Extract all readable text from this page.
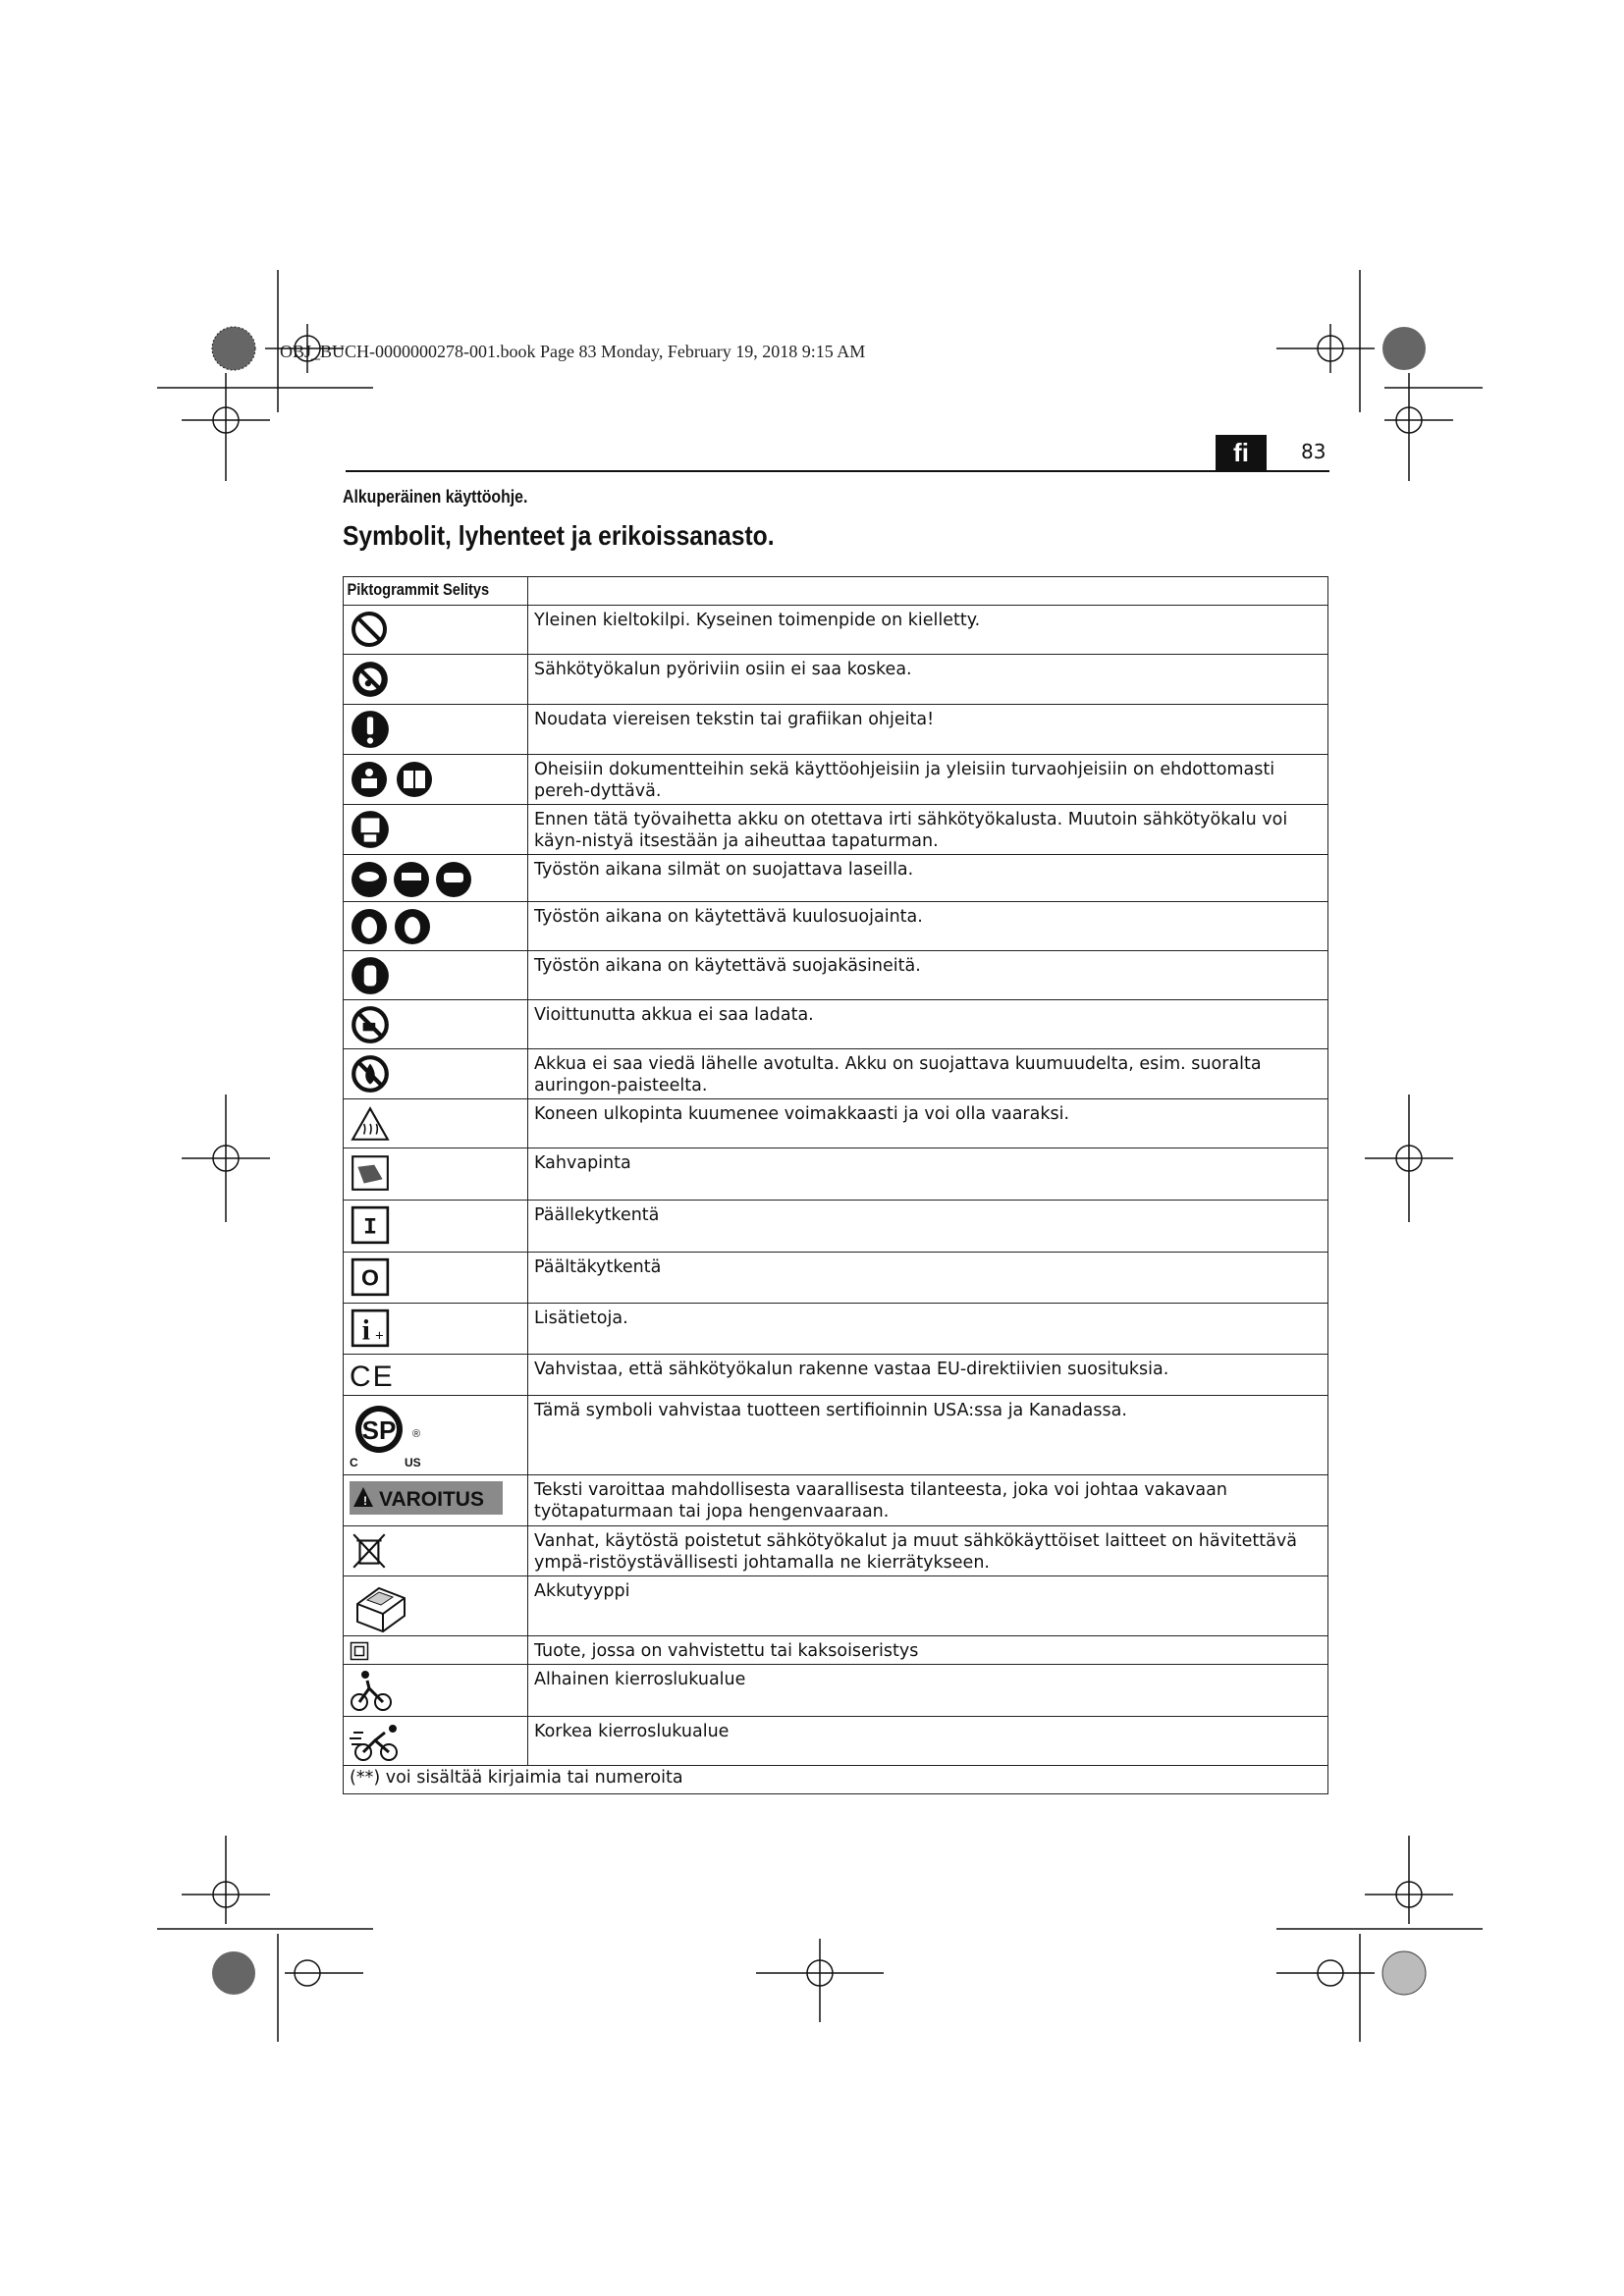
OBJ_BUCH-0000000278-001.book Page 83 Monday, February 19, 2018 9:15 AM
fi	83
Alkuperäinen käyttöohje.
Symbolit, lyhenteet ja erikoissanasto.
Piktogrammit Selitys	

Yleinen kieltokilpi. Kyseinen toimenpide on kielletty.

Sähkötyökalun pyöriviin osiin ei saa koskea.

Noudata viereisen tekstin tai grafiikan ohjeita!

Oheisiin dokumentteihin sekä käyttöohjeisiin ja yleisiin turvaohjeisiin on ehdottomasti pereh-dyttävä.

Ennen tätä työvaihetta akku on otettava irti sähkötyökalusta. Muutoin sähkötyökalu voi käyn-nistyä itsestään ja aiheuttaa tapaturman.

Työstön aikana silmät on suojattava laseilla.

Työstön aikana on käytettävä kuulosuojainta.

Työstön aikana on käytettävä suojakäsineitä.

Vioittunutta akkua ei saa ladata.

Akkua ei saa viedä lähelle avotulta. Akku on suojattava kuumuudelta, esim. suoralta auringon-paisteelta.

Koneen ulkopinta kuumenee voimakkaasti ja voi olla vaaraksi.

Kahvapinta

I	Päällekytkentä

O	Päältäkytkentä

i +	Lisätietoja.

CE	Vahvistaa, että sähkötyökalun rakenne vastaa EU-direktiivien suosituksia.

SP ®
C US	Tämä symboli vahvistaa tuotteen sertifioinnin USA:ssa ja Kanadassa.

! VAROITUS	Teksti varoittaa mahdollisesta vaarallisesta tilanteesta, joka voi johtaa vakavaan työtapaturmaan tai jopa hengenvaaraan.

Vanhat, käytöstä poistetut sähkötyökalut ja muut sähkökäyttöiset laitteet on hävitettävä ympä-ristöystävällisesti johtamalla ne kierrätykseen.

Akkutyyppi

Tuote, jossa on vahvistettu tai kaksoiseristys

Alhainen kierroslukualue

Korkea kierroslukualue

(**) voi sisältää kirjaimia tai numeroita	
